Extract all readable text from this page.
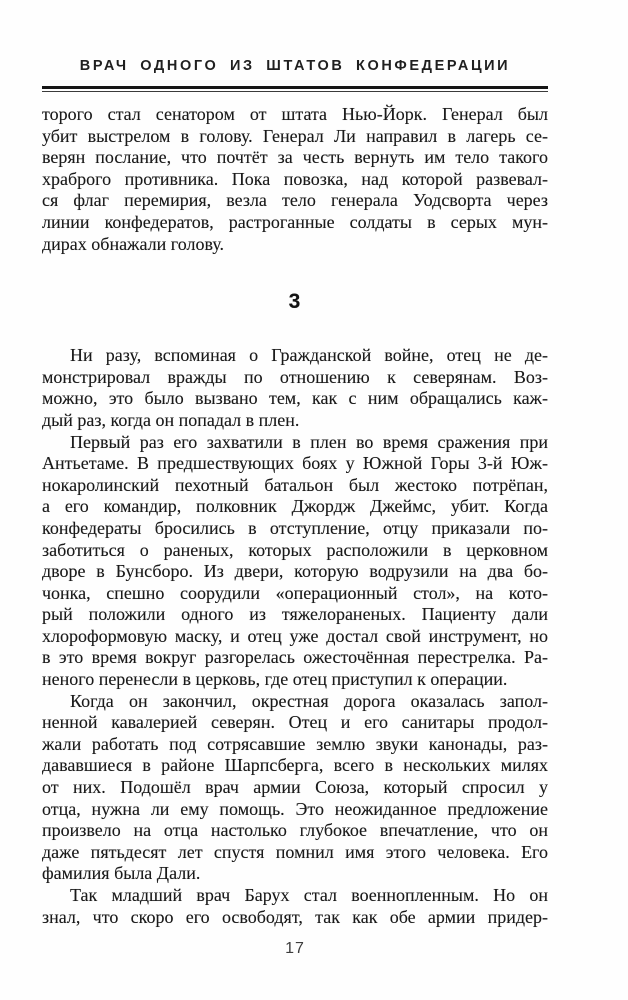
ВРАЧ ОДНОГО ИЗ ШТАТОВ КОНФЕДЕРАЦИИ
торого стал сенатором от штата Нью-Йорк. Генерал был
убит выстрелом в голову. Генерал Ли направил в лагерь се-
верян послание, что почтёт за честь вернуть им тело такого
храброго противника. Пока повозка, над которой развевал-
ся флаг перемирия, везла тело генерала Уодсворта через
линии конфедератов, растроганные солдаты в серых мун-
дирах обнажали голову.
3
Ни разу, вспоминая о Гражданской войне, отец не де-
монстрировал вражды по отношению к северянам. Воз-
можно, это было вызвано тем, как с ним обращались каж-
дый раз, когда он попадал в плен.
Первый раз его захватили в плен во время сражения при
Антьетаме. В предшествующих боях у Южной Горы 3-й Юж-
нокаролинский пехотный батальон был жестоко потрёпан,
а его командир, полковник Джордж Джеймс, убит. Когда
конфедераты бросились в отступление, отцу приказали по-
заботиться о раненых, которых расположили в церковном
дворе в Бунсборо. Из двери, которую водрузили на два бо-
чонка, спешно соорудили «операционный стол», на кото-
рый положили одного из тяжелораненых. Пациенту дали
хлороформовую маску, и отец уже достал свой инструмент, но
в это время вокруг разгорелась ожесточённая перестрелка. Ра-
неного перенесли в церковь, где отец приступил к операции.
Когда он закончил, окрестная дорога оказалась запол-
ненной кавалерией северян. Отец и его санитары продол-
жали работать под сотрясавшие землю звуки канонады, раз-
дававшиеся в районе Шарпсберга, всего в нескольких милях
от них. Подошёл врач армии Союза, который спросил у
отца, нужна ли ему помощь. Это неожиданное предложение
произвело на отца настолько глубокое впечатление, что он
даже пятьдесят лет спустя помнил имя этого человека. Его
фамилия была Дали.
Так младший врач Барух стал военнопленным. Но он
знал, что скоро его освободят, так как обе армии придер-
17
